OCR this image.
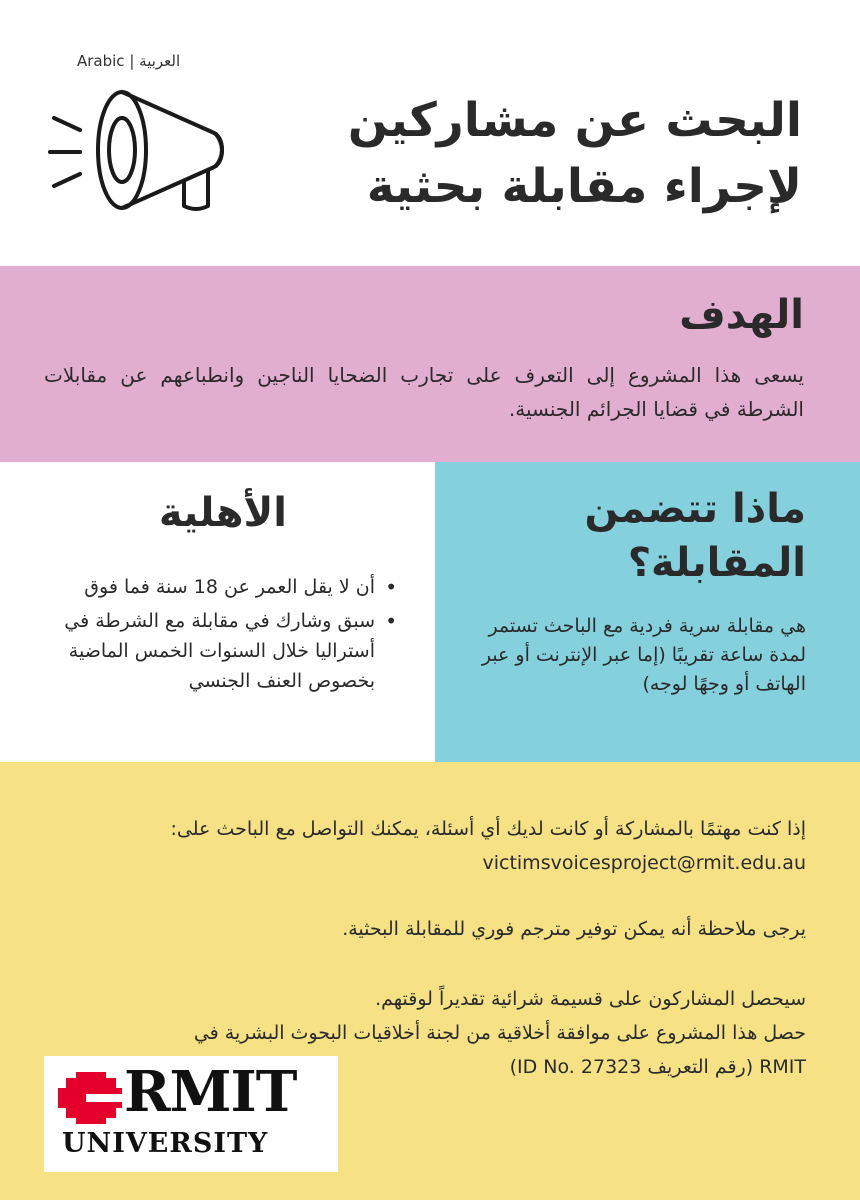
Arabic | العربية
البحث عن مشاركين
لإجراء مقابلة بحثية
الهدف

يسعى هذا المشروع إلى التعرف على تجارب الضحايا الناجين وانطباعهم عن مقابلات الشرطة في قضايا الجرائم الجنسية.

الأهلية
• أن لا يقل العمر عن 18 سنة فما فوق
• سبق وشارك في مقابلة مع الشرطة في أستراليا خلال السنوات الخمس الماضية بخصوص العنف الجنسي
ماذا تتضمن المقابلة؟

هي مقابلة سرية فردية مع الباحث تستمر لمدة ساعة تقريبًا (إما عبر الإنترنت أو عبر الهاتف أو وجهًا لوجه)

إذا كنت مهتمًا بالمشاركة أو كانت لديك أي أسئلة، يمكنك التواصل مع الباحث على:

victimsvoicesproject@rmit.edu.au

يرجى ملاحظة أنه يمكن توفير مترجم فوري للمقابلة البحثية.

سيحصل المشاركون على قسيمة شرائية تقديراً لوقتهم.

حصل هذا المشروع على موافقة أخلاقية من لجنة أخلاقيات البحوث البشرية في

RMIT (رقم التعريف ID No. 27323)

RMIT
UNIVERSITY
